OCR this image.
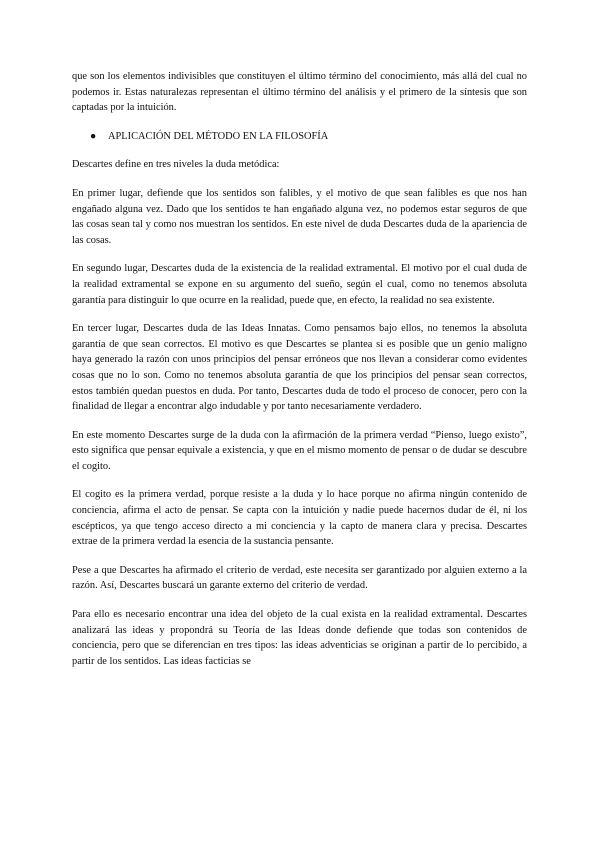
que son los elementos indivisibles que constituyen el último término del conocimiento, más allá del cual no podemos ir. Estas naturalezas representan el último término del análisis y el primero de la síntesis que son captadas por la intuición.

● APLICACIÓN DEL MÉTODO EN LA FILOSOFÍA

Descartes define en tres niveles la duda metódica:

En primer lugar, defiende que los sentidos son falibles, y el motivo de que sean falibles es que nos han engañado alguna vez. Dado que los sentidos te han engañado alguna vez, no podemos estar seguros de que las cosas sean tal y como nos muestran los sentidos. En este nivel de duda Descartes duda de la apariencia de las cosas.

En segundo lugar, Descartes duda de la existencia de la realidad extramental. El motivo por el cual duda de la realidad extramental se expone en su argumento del sueño, según el cual, como no tenemos absoluta garantía para distinguir lo que ocurre en la realidad, puede que, en efecto, la realidad no sea existente.

En tercer lugar, Descartes duda de las Ideas Innatas. Como pensamos bajo ellos, no tenemos la absoluta garantía de que sean correctos. El motivo es que Descartes se plantea si es posible que un genio maligno haya generado la razón con unos principios del pensar erróneos que nos llevan a considerar como evidentes cosas que no lo son. Como no tenemos absoluta garantía de que los principios del pensar sean correctos, estos también quedan puestos en duda. Por tanto, Descartes duda de todo el proceso de conocer, pero con la finalidad de llegar a encontrar algo indudable y por tanto necesariamente verdadero.

En este momento Descartes surge de la duda con la afirmación de la primera verdad “Pienso, luego existo”, esto significa que pensar equivale a existencia, y que en el mismo momento de pensar o de dudar se descubre el cogito.

El cogito es la primera verdad, porque resiste a la duda y lo hace porque no afirma ningún contenido de conciencia, afirma el acto de pensar. Se capta con la intuición y nadie puede hacernos dudar de él, ni los escépticos, ya que tengo acceso directo a mi conciencia y la capto de manera clara y precisa. Descartes extrae de la primera verdad la esencia de la sustancia pensante.

Pese a que Descartes ha afirmado el criterio de verdad, este necesita ser garantizado por alguien externo a la razón. Así, Descartes buscará un garante externo del criterio de verdad.

Para ello es necesario encontrar una idea del objeto de la cual exista en la realidad extramental. Descartes analizará las ideas y propondrá su Teoría de las Ideas donde defiende que todas son contenidos de conciencia, pero que se diferencian en tres tipos: las ideas adventicias se originan a partir de lo percibido, a partir de los sentidos. Las ideas facticias se
